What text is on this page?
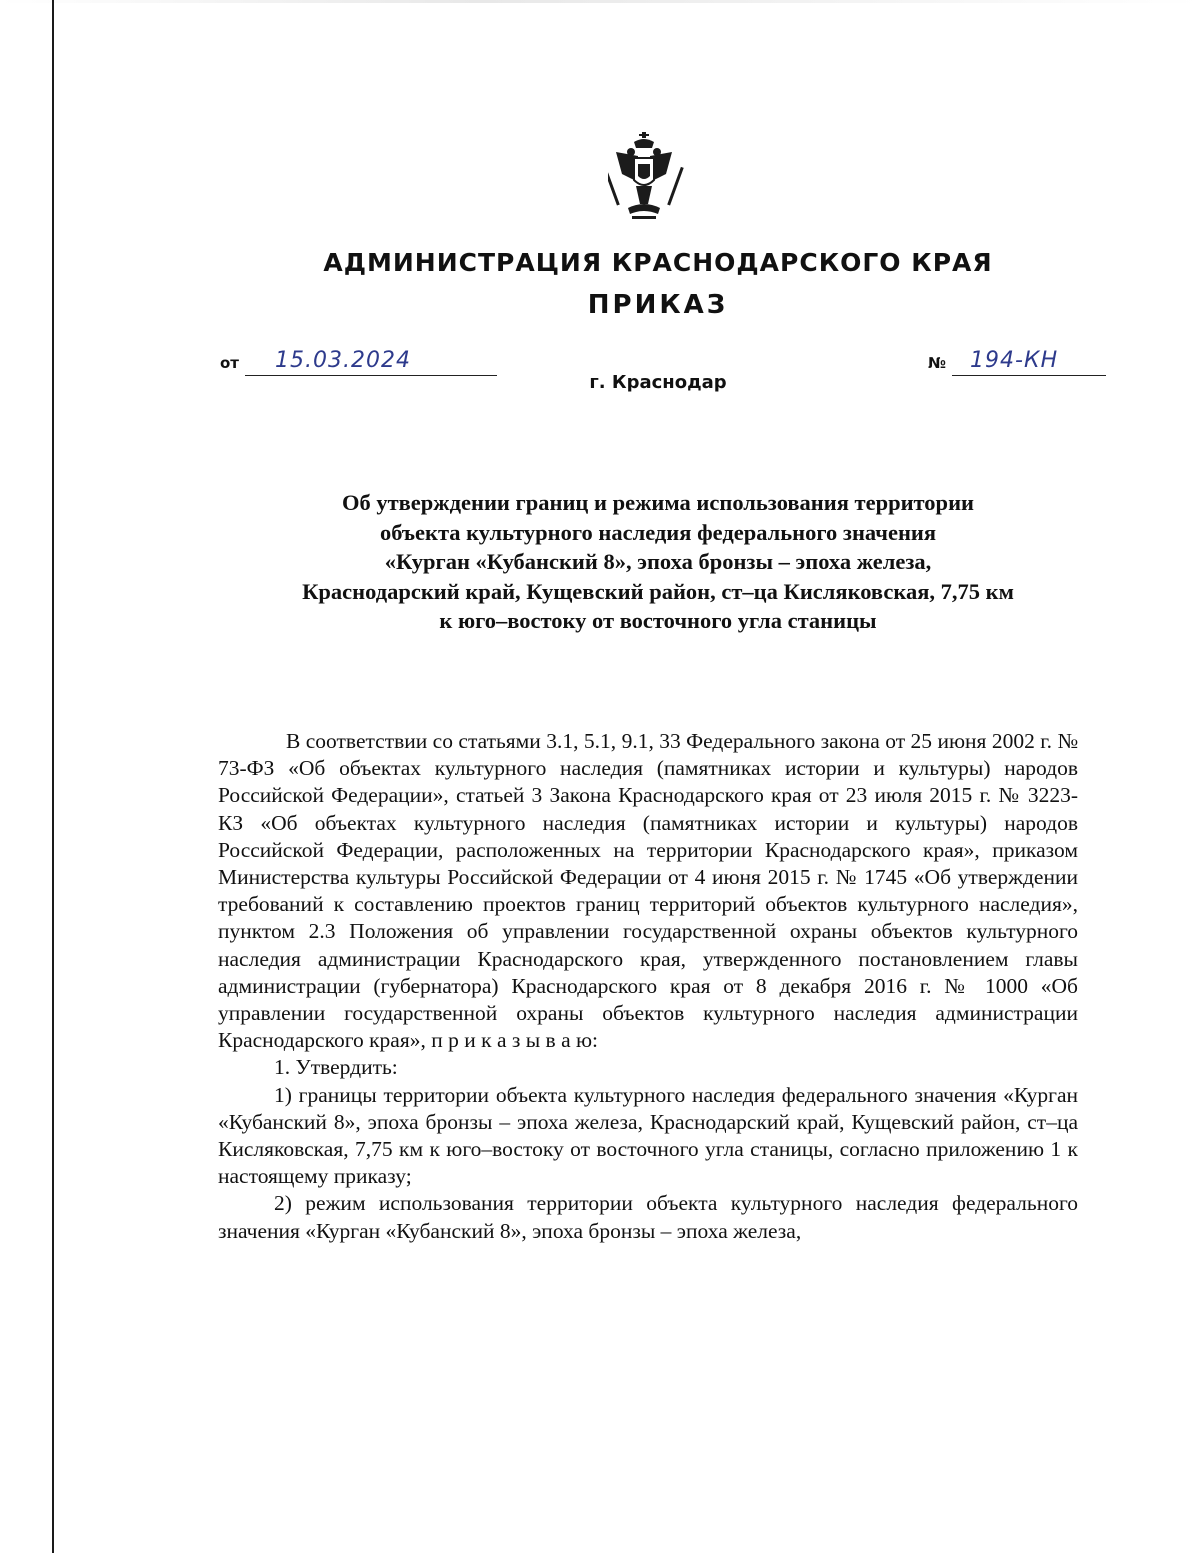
АДМИНИСТРАЦИЯ КРАСНОДАРСКОГО КРАЯ
ПРИКАЗ
от 15.03.2024	№ 194-КН
г. Краснодар
Об утверждении границ и режима использования территории
объекта культурного наследия федерального значения
«Курган «Кубанский 8», эпоха бронзы – эпоха железа,
Краснодарский край, Кущевский район, ст–ца Кисляковская, 7,75 км
к юго–востоку от восточного угла станицы

В соответствии со статьями 3.1, 5.1, 9.1, 33 Федерального закона от 25 июня 2002 г. № 73-ФЗ «Об объектах культурного наследия (памятниках истории и культуры) народов Российской Федерации», статьей 3 Закона Краснодарского края от 23 июля 2015 г. № 3223-КЗ «Об объектах культурного наследия (памятниках истории и культуры) народов Российской Федерации, расположенных на территории Краснодарского края», приказом Министерства культуры Российской Федерации от 4 июня 2015 г. № 1745 «Об утверждении требований к составлению проектов границ территорий объектов культурного наследия», пунктом 2.3 Положения об управлении государственной охраны объектов культурного наследия администрации Краснодарского края, утвержденного постановлением главы администрации (губернатора) Краснодарского края от 8 декабря 2016 г. № 1000 «Об управлении государственной охраны объектов культурного наследия администрации Краснодарского края», п р и к а з ы в а ю:

1. Утвердить:

1) границы территории объекта культурного наследия федерального значения «Курган «Кубанский 8», эпоха бронзы – эпоха железа, Краснодарский край, Кущевский район, ст–ца Кисляковская, 7,75 км к юго–востоку от восточного угла станицы, согласно приложению 1 к настоящему приказу;

2) режим использования территории объекта культурного наследия федерального значения «Курган «Кубанский 8», эпоха бронзы – эпоха железа,
